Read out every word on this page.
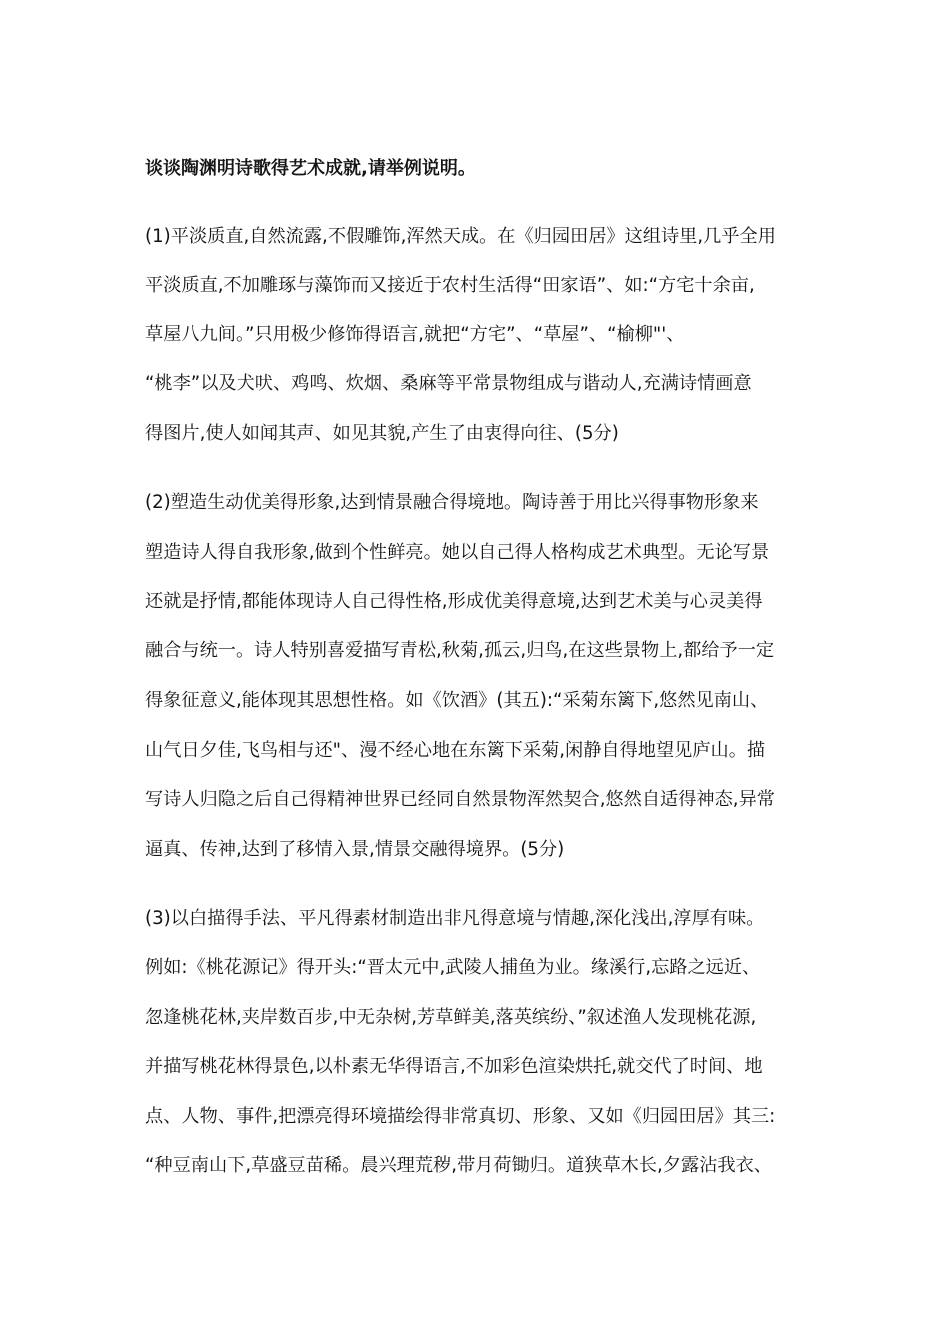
谈谈陶渊明诗歌得艺术成就,请举例说明。
(1)平淡质直,自然流露,不假雕饰,浑然天成。在《归园田居》这组诗里,几乎全用
平淡质直,不加雕琢与藻饰而又接近于农村生活得“田家语”、如:“方宅十余亩,
草屋八九间。”只用极少修饰得语言,就把“方宅”、“草屋”、“榆柳"'、
“桃李”以及犬吠、鸡鸣、炊烟、桑麻等平常景物组成与谐动人,充满诗情画意
得图片,使人如闻其声、如见其貌,产生了由衷得向往、(5分)
(2)塑造生动优美得形象,达到情景融合得境地。陶诗善于用比兴得事物形象来
塑造诗人得自我形象,做到个性鲜亮。她以自己得人格构成艺术典型。无论写景
还就是抒情,都能体现诗人自己得性格,形成优美得意境,达到艺术美与心灵美得
融合与统一。诗人特别喜爱描写青松,秋菊,孤云,归鸟,在这些景物上,都给予一定
得象征意义,能体现其思想性格。如《饮酒》(其五):“采菊东篱下,悠然见南山、
山气日夕佳,飞鸟相与还"、漫不经心地在东篱下采菊,闲静自得地望见庐山。描
写诗人归隐之后自己得精神世界已经同自然景物浑然契合,悠然自适得神态,异常
逼真、传神,达到了移情入景,情景交融得境界。(5分)
(3)以白描得手法、平凡得素材制造出非凡得意境与情趣,深化浅出,淳厚有味。
例如:《桃花源记》得开头:“晋太元中,武陵人捕鱼为业。缘溪行,忘路之远近、
忽逢桃花林,夹岸数百步,中无杂树,芳草鲜美,落英缤纷、”叙述渔人发现桃花源,
并描写桃花林得景色,以朴素无华得语言,不加彩色渲染烘托,就交代了时间、地
点、人物、事件,把漂亮得环境描绘得非常真切、形象、又如《归园田居》其三:
“种豆南山下,草盛豆苗稀。晨兴理荒秽,带月荷锄归。道狭草木长,夕露沾我衣、
